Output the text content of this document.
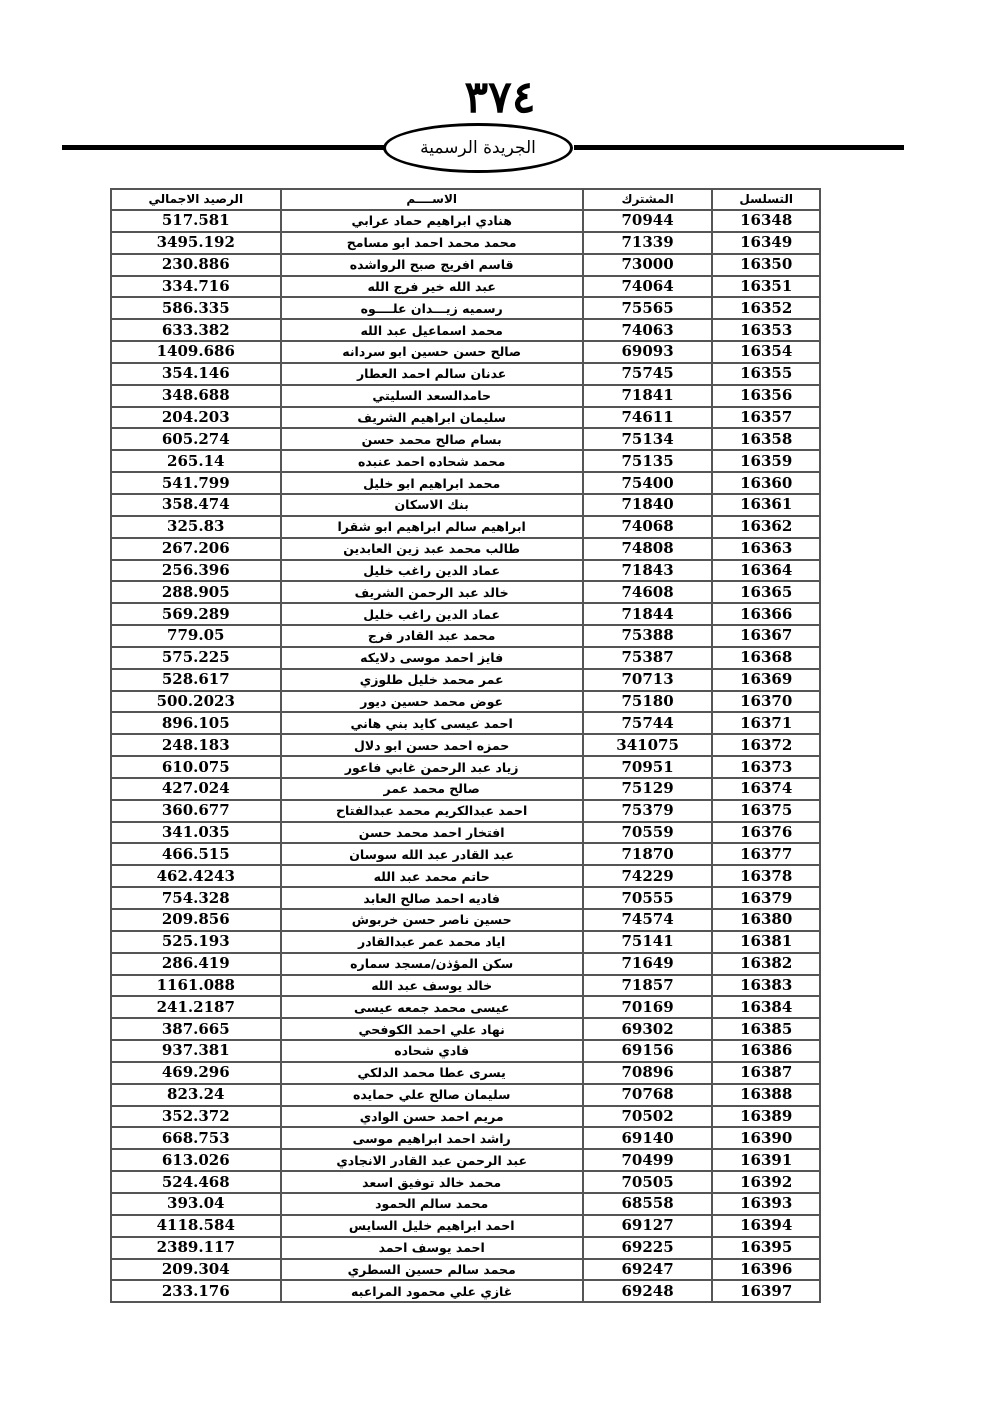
٣٧٤
الجريدة الرسمية
التسلسل	المشترك	الاســــم	الرصيد الاجمالي
16348	70944	هنادي ابراهيم حماد عرابي	517.581
16349	71339	محمد محمد احمد ابو مسامح	3495.192
16350	73000	قاسم افريج صبح الرواشده	230.886
16351	74064	عبد الله خير فرج الله	334.716
16352	75565	رسميه زيـــدان علــــوه	586.335
16353	74063	محمد اسماعيل عبد الله	633.382
16354	69093	صالح حسن حسين ابو سردانه	1409.686
16355	75745	عدنان سالم احمد العطار	354.146
16356	71841	حامدالسعد السليتي	348.688
16357	74611	سليمان ابراهيم الشريف	204.203
16358	75134	بسام صالح محمد حسن	605.274
16359	75135	محمد شحاده احمد عنبده	265.14
16360	75400	محمد ابراهيم ابو خليل	541.799
16361	71840	بنك الاسكان	358.474
16362	74068	ابراهيم سالم ابراهيم ابو شقرا	325.83
16363	74808	طالب محمد عبد زين العابدين	267.206
16364	71843	عماد الدين راغب خليل	256.396
16365	74608	خالد عبد الرحمن الشريف	288.905
16366	71844	عماد الدين راغب خليل	569.289
16367	75388	محمد عبد القادر فرج	779.05
16368	75387	فايز احمد موسى دلايكه	575.225
16369	70713	عمر محمد خليل طلوزي	528.617
16370	75180	عوض محمد حسين ديور	500.2023
16371	75744	احمد عيسى كايد بني هاني	896.105
16372	341075	حمزه احمد حسن ابو دلال	248.183
16373	70951	زياد عبد الرحمن غابي فاعور	610.075
16374	75129	صالح محمد عمر	427.024
16375	75379	احمد عبدالكريم محمد عبدالفتاح	360.677
16376	70559	افتخار احمد محمد حسن	341.035
16377	71870	عبد القادر عبد الله سوسان	466.515
16378	74229	حاتم محمد عبد الله	462.4243
16379	70555	فاديه احمد صالح العابد	754.328
16380	74574	حسين ناصر حسن خربوش	209.856
16381	75141	اياد محمد عمر عبدالقادر	525.193
16382	71649	سكن المؤذن/مسجد سماره	286.419
16383	71857	خالد يوسف عبد الله	1161.088
16384	70169	عيسى محمد جمعه عيسى	241.2187
16385	69302	نهاد علي احمد الكوفحي	387.665
16386	69156	فادي شحاده	937.381
16387	70896	يسرى عطا محمد الدلكي	469.296
16388	70768	سليمان صالح علي حمايده	823.24
16389	70502	مريم احمد حسن الوادي	352.372
16390	69140	راشد احمد ابراهيم موسى	668.753
16391	70499	عبد الرحمن عبد القادر الانجادي	613.026
16392	70505	محمد خالد توفيق اسعد	524.468
16393	68558	محمد سالم الحمود	393.04
16394	69127	احمد ابراهيم خليل السايس	4118.584
16395	69225	احمد يوسف احمد	2389.117
16396	69247	محمد سالم حسين السطري	209.304
16397	69248	غازي علي محمود المراعبه	233.176
